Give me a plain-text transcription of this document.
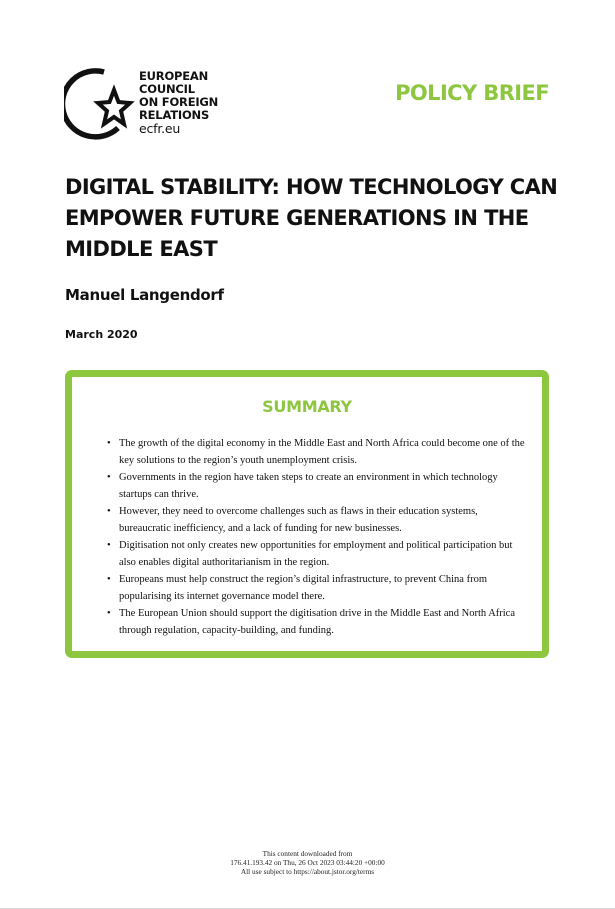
EUROPEAN
COUNCIL
ON FOREIGN
RELATIONS
ecfr.eu
POLICY BRIEF
DIGITAL STABILITY: HOW TECHNOLOGY CAN EMPOWER FUTURE GENERATIONS IN THE MIDDLE EAST
Manuel Langendorf
March 2020
SUMMARY
• The growth of the digital economy in the Middle East and North Africa could become one of the key solutions to the region’s youth unemployment crisis.
• Governments in the region have taken steps to create an environment in which technology startups can thrive.
• However, they need to overcome challenges such as flaws in their education systems, bureaucratic inefficiency, and a lack of funding for new businesses.
• Digitisation not only creates new opportunities for employment and political participation but also enables digital authoritarianism in the region.
• Europeans must help construct the region’s digital infrastructure, to prevent China from popularising its internet governance model there.
• The European Union should support the digitisation drive in the Middle East and North Africa through regulation, capacity-building, and funding.
This content downloaded from
176.41.193.42 on Thu, 26 Oct 2023 03:44:20 +00:00
All use subject to https://about.jstor.org/terms
